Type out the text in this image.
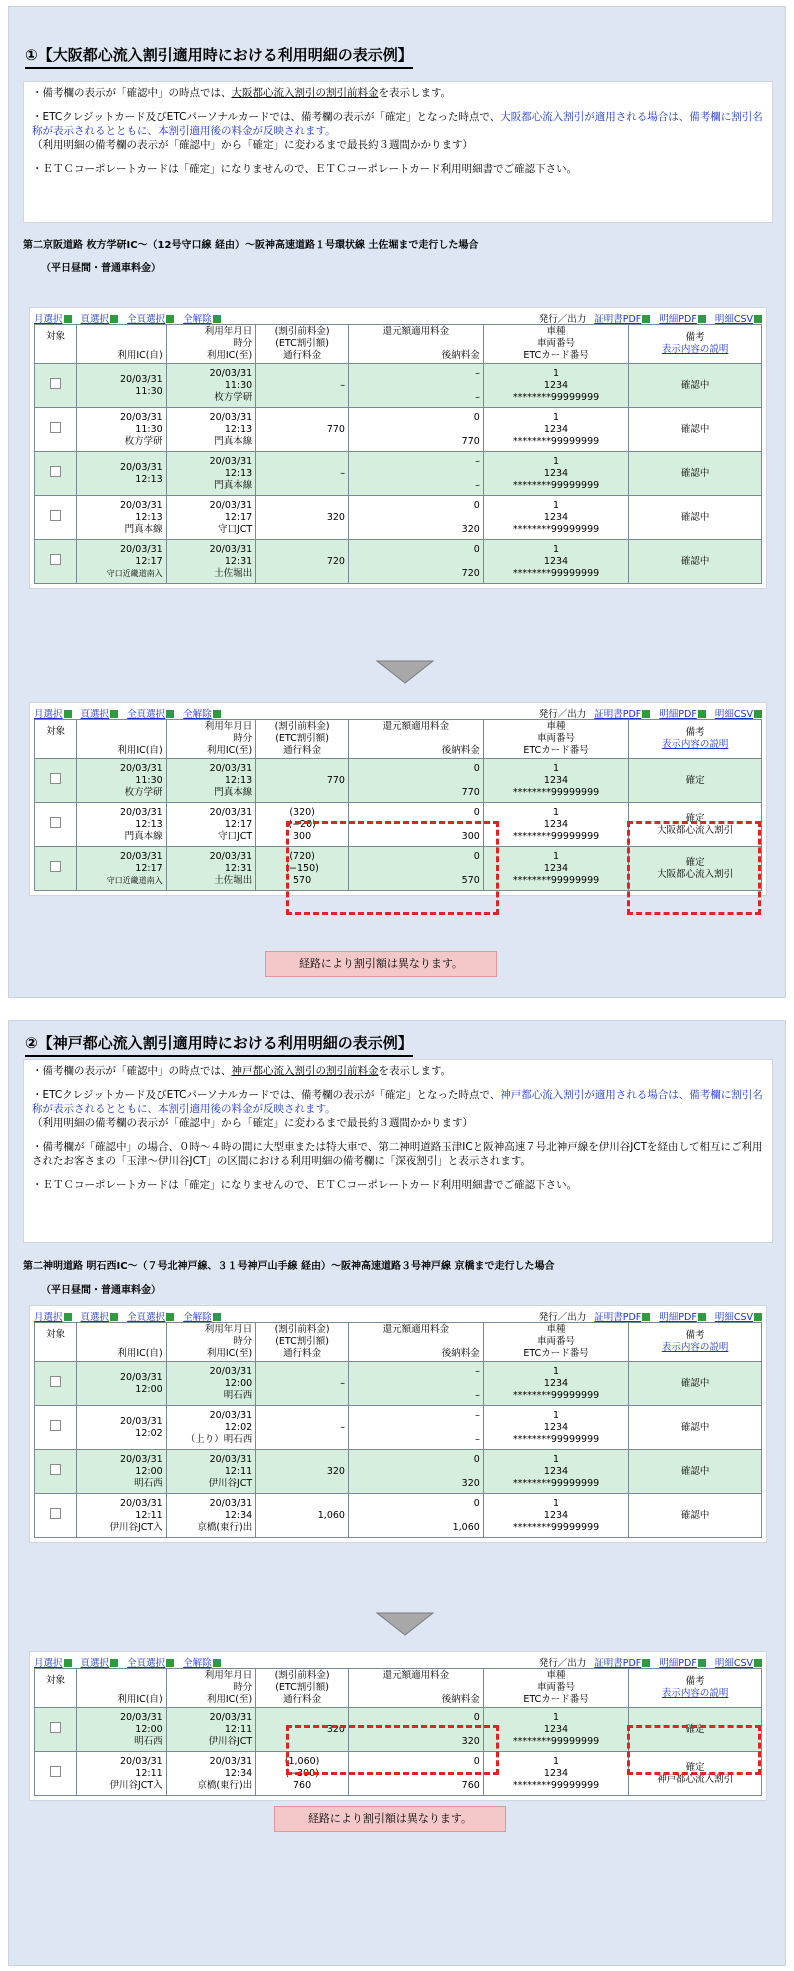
①【大阪都心流入割引適用時における利用明細の表示例】

・備考欄の表示が「確認中」の時点では、大阪都心流入割引の割引前料金を表示します。

・ETCクレジットカード及びETCパーソナルカードでは、備考欄の表示が「確定」となった時点で、大阪都心流入割引が適用される場合は、備考欄に割引名称が表示されるとともに、本割引適用後の料金が反映されます。
（利用明細の備考欄の表示が「確認中」から「確定」に変わるまで最長約３週間かかります）

・ＥＴＣコーポレートカードは「確定」になりませんので、ＥＴＣコーポレートカード利用明細書でご確認下さい。

第二京阪道路 枚方学研IC～（12号守口線 経由）～阪神高速道路１号環状線 土佐堀まで走行した場合
（平日昼間・普通車料金）
月選択 頁選択 全頁選択 全解除	発行／出力 証明書PDF 明細PDF 明細CSV
対象	利用IC(自)	利用年月日
時分
利用IC(至)	(割引前料金)
(ETC割引額)
通行料金	還元額適用料金

後納料金	車種
車両番号
ETCカード番号	備考
表示内容の説明

	20/03/31
11:30	20/03/31
11:30
枚方学研	–	–

–	1
1234
********99999999	確認中

	20/03/31
11:30
枚方学研	20/03/31
12:13
門真本線	770	0

770	1
1234
********99999999	確認中

	20/03/31
12:13	20/03/31
12:13
門真本線	–	–

–	1
1234
********99999999	確認中

	20/03/31
12:13
門真本線	20/03/31
12:17
守口JCT	320	0

320	1
1234
********99999999	確認中

	20/03/31
12:17
守口近畿道南入	20/03/31
12:31
土佐堀出	720	0

720	1
1234
********99999999	確認中
月選択 頁選択 全頁選択 全解除	発行／出力 証明書PDF 明細PDF 明細CSV
対象	利用IC(自)	利用年月日
時分
利用IC(至)	(割引前料金)
(ETC割引額)
通行料金	還元額適用料金

後納料金	車種
車両番号
ETCカード番号	備考
表示内容の説明

	20/03/31
11:30
枚方学研	20/03/31
12:13
門真本線	770	0

770	1
1234
********99999999	確定

	20/03/31
12:13
門真本線	20/03/31
12:17
守口JCT	(320)
(−20)
300	0

300	1
1234
********99999999	確定
大阪都心流入割引

	20/03/31
12:17
守口近畿道南入	20/03/31
12:31
土佐堀出	(720)
(−150)
570	0

570	1
1234
********99999999	確定
大阪都心流入割引
経路により割引額は異なります。
②【神戸都心流入割引適用時における利用明細の表示例】

・備考欄の表示が「確認中」の時点では、神戸都心流入割引の割引前料金を表示します。

・ETCクレジットカード及びETCパーソナルカードでは、備考欄の表示が「確定」となった時点で、神戸都心流入割引が適用される場合は、備考欄に割引名称が表示されるとともに、本割引適用後の料金が反映されます。
（利用明細の備考欄の表示が「確認中」から「確定」に変わるまで最長約３週間かかります）

・備考欄が「確認中」の場合、０時～４時の間に大型車または特大車で、第二神明道路玉津ICと阪神高速７号北神戸線を伊川谷JCTを経由して相互にご利用されたお客さまの「玉津～伊川谷JCT」の区間における利用明細の備考欄に「深夜割引」と表示されます。

・ＥＴＣコーポレートカードは「確定」になりませんので、ＥＴＣコーポレートカード利用明細書でご確認下さい。

第二神明道路 明石西IC～（７号北神戸線、３１号神戸山手線 経由）～阪神高速道路３号神戸線 京橋まで走行した場合
（平日昼間・普通車料金）
月選択 頁選択 全頁選択 全解除	発行／出力 証明書PDF 明細PDF 明細CSV
対象	利用IC(自)	利用年月日
時分
利用IC(至)	(割引前料金)
(ETC割引額)
通行料金	還元額適用料金

後納料金	車種
車両番号
ETCカード番号	備考
表示内容の説明

	20/03/31
12:00	20/03/31
12:00
明石西	–	–

–	1
1234
********99999999	確認中

	20/03/31
12:02	20/03/31
12:02
（上り）明石西	–	–

–	1
1234
********99999999	確認中

	20/03/31
12:00
明石西	20/03/31
12:11
伊川谷JCT	320	0

320	1
1234
********99999999	確認中

	20/03/31
12:11
伊川谷JCT入	20/03/31
12:34
京橋(東行)出	1,060	0

1,060	1
1234
********99999999	確認中
月選択 頁選択 全頁選択 全解除	発行／出力 証明書PDF 明細PDF 明細CSV
対象	利用IC(自)	利用年月日
時分
利用IC(至)	(割引前料金)
(ETC割引額)
通行料金	還元額適用料金

後納料金	車種
車両番号
ETCカード番号	備考
表示内容の説明

	20/03/31
12:00
明石西	20/03/31
12:11
伊川谷JCT	320	0

320	1
1234
********99999999	確定

	20/03/31
12:11
伊川谷JCT入	20/03/31
12:34
京橋(東行)出	(1,060)
(−300)
760	0

760	1
1234
********99999999	確定
神戸都心流入割引
経路により割引額は異なります。
